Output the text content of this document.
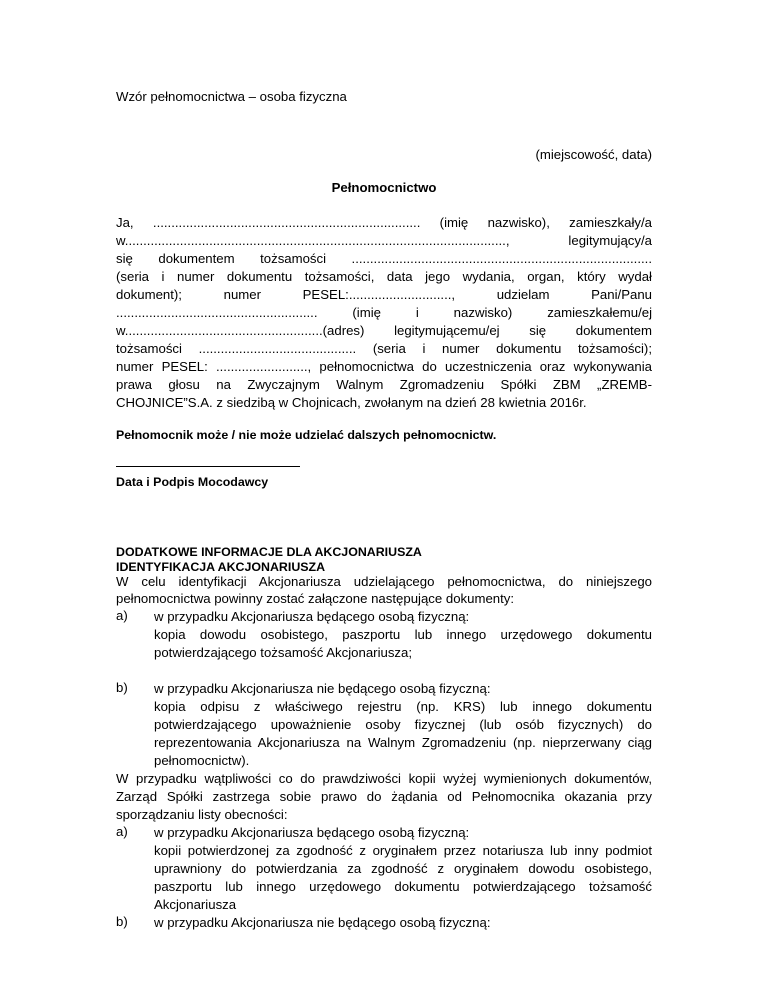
Wzór pełnomocnictwa – osoba fizyczna
(miejscowość, data)
Pełnomocnictwo
Ja, ......................................................................... (imię nazwisko), zamieszkały/a
w........................................................................................................, legitymujący/a
się dokumentem tożsamości ..................................................................................
(seria i numer dokumentu tożsamości, data jego wydania, organ, który wydał
dokument); numer PESEL:............................, udzielam Pani/Panu
....................................................... (imię i nazwisko) zamieszkałemu/ej
w......................................................(adres) legitymującemu/ej się dokumentem
tożsamości ........................................... (seria i numer dokumentu tożsamości);
numer PESEL: ........................., pełnomocnictwa do uczestniczenia oraz wykonywania
prawa głosu na Zwyczajnym Walnym Zgromadzeniu Spółki ZBM „ZREMB-
CHOJNICE”S.A. z siedzibą w Chojnicach, zwołanym na dzień 28 kwietnia 2016r.
Pełnomocnik może / nie może udzielać dalszych pełnomocnictw.
Data i Podpis Mocodawcy
DODATKOWE INFORMACJE DLA AKCJONARIUSZA
IDENTYFIKACJA AKCJONARIUSZA
W celu identyfikacji Akcjonariusza udzielającego pełnomocnictwa, do niniejszego pełnomocnictwa powinny zostać załączone następujące dokumenty:
a)	w przypadku Akcjonariusza będącego osobą fizyczną:
kopia dowodu osobistego, paszportu lub innego urzędowego dokumentu potwierdzającego tożsamość Akcjonariusza;
b)	w przypadku Akcjonariusza nie będącego osobą fizyczną:
kopia odpisu z właściwego rejestru (np. KRS) lub innego dokumentu potwierdzającego upoważnienie osoby fizycznej (lub osób fizycznych) do reprezentowania Akcjonariusza na Walnym Zgromadzeniu (np. nieprzerwany ciąg pełnomocnictw).
W przypadku wątpliwości co do prawdziwości kopii wyżej wymienionych dokumentów, Zarząd Spółki zastrzega sobie prawo do żądania od Pełnomocnika okazania przy sporządzaniu listy obecności:
a)	w przypadku Akcjonariusza będącego osobą fizyczną:
kopii potwierdzonej za zgodność z oryginałem przez notariusza lub inny podmiot uprawniony do potwierdzania za zgodność z oryginałem dowodu osobistego, paszportu lub innego urzędowego dokumentu potwierdzającego tożsamość Akcjonariusza
b)	w przypadku Akcjonariusza nie będącego osobą fizyczną:
